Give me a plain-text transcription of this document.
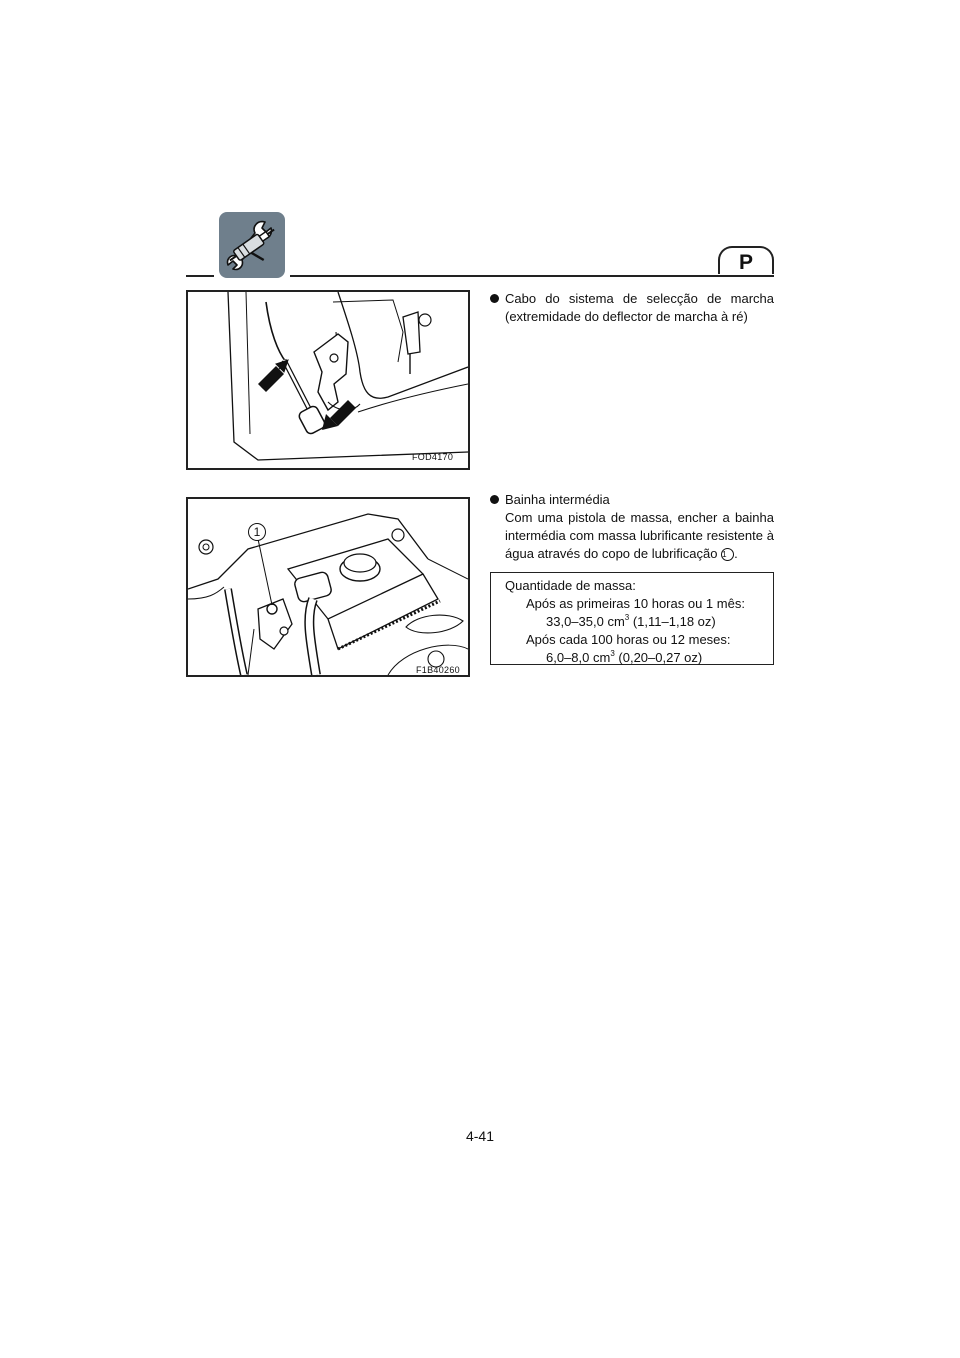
P
FOD4170
1
F1B40260
Cabo do sistema de selecção de marcha (extremidade do deflector de marcha à ré)
Bainha intermédia
Com uma pistola de massa, encher a bainha intermédia com massa lubrificante resistente à água através do copo de lubrificação 1 .
Quantidade de massa:
Após as primeiras 10 horas ou 1 mês:
33,0–35,0 $cm^3$ (1,11–1,18 oz)
Após cada 100 horas ou 12 meses:
6,0–8,0 $cm^3$ (0,20–0,27 oz)
4-41
